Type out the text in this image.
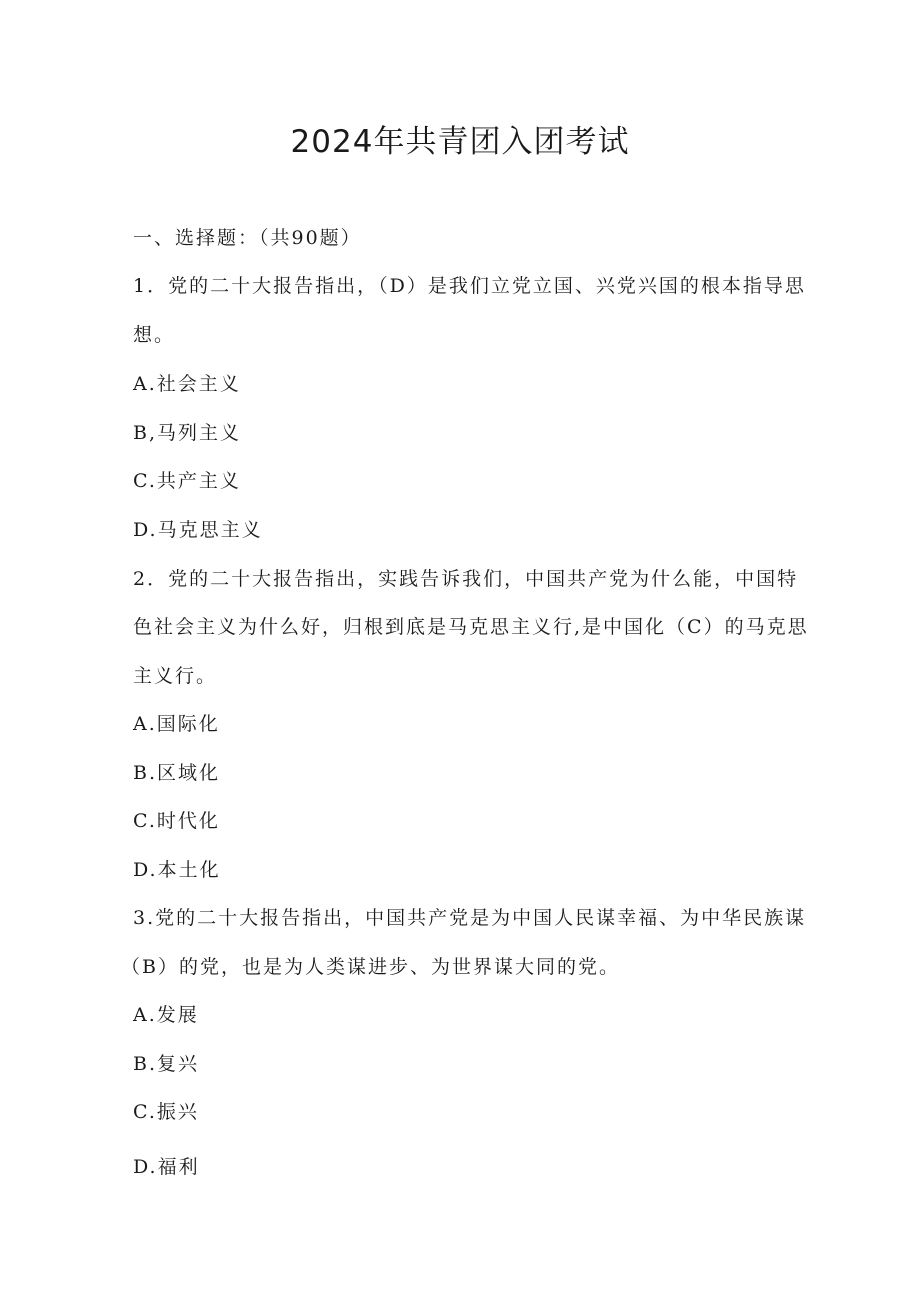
2024年共青团入团考试

一、选择题：（共90题）

1．党的二十大报告指出，（D）是我们立党立国、兴党兴国的根本指导思

想。

A.社会主义

B,马列主义

C.共产主义

D.马克思主义

2．党的二十大报告指出，实践告诉我们，中国共产党为什么能，中国特

色社会主义为什么好，归根到底是马克思主义行,是中国化（C）的马克思

主义行。

A.国际化

B.区域化

C.时代化

D.本土化

3.党的二十大报告指出，中国共产党是为中国人民谋幸福、为中华民族谋

（B）的党，也是为人类谋进步、为世界谋大同的党。

A.发展

B.复兴

C.振兴

D.福利
